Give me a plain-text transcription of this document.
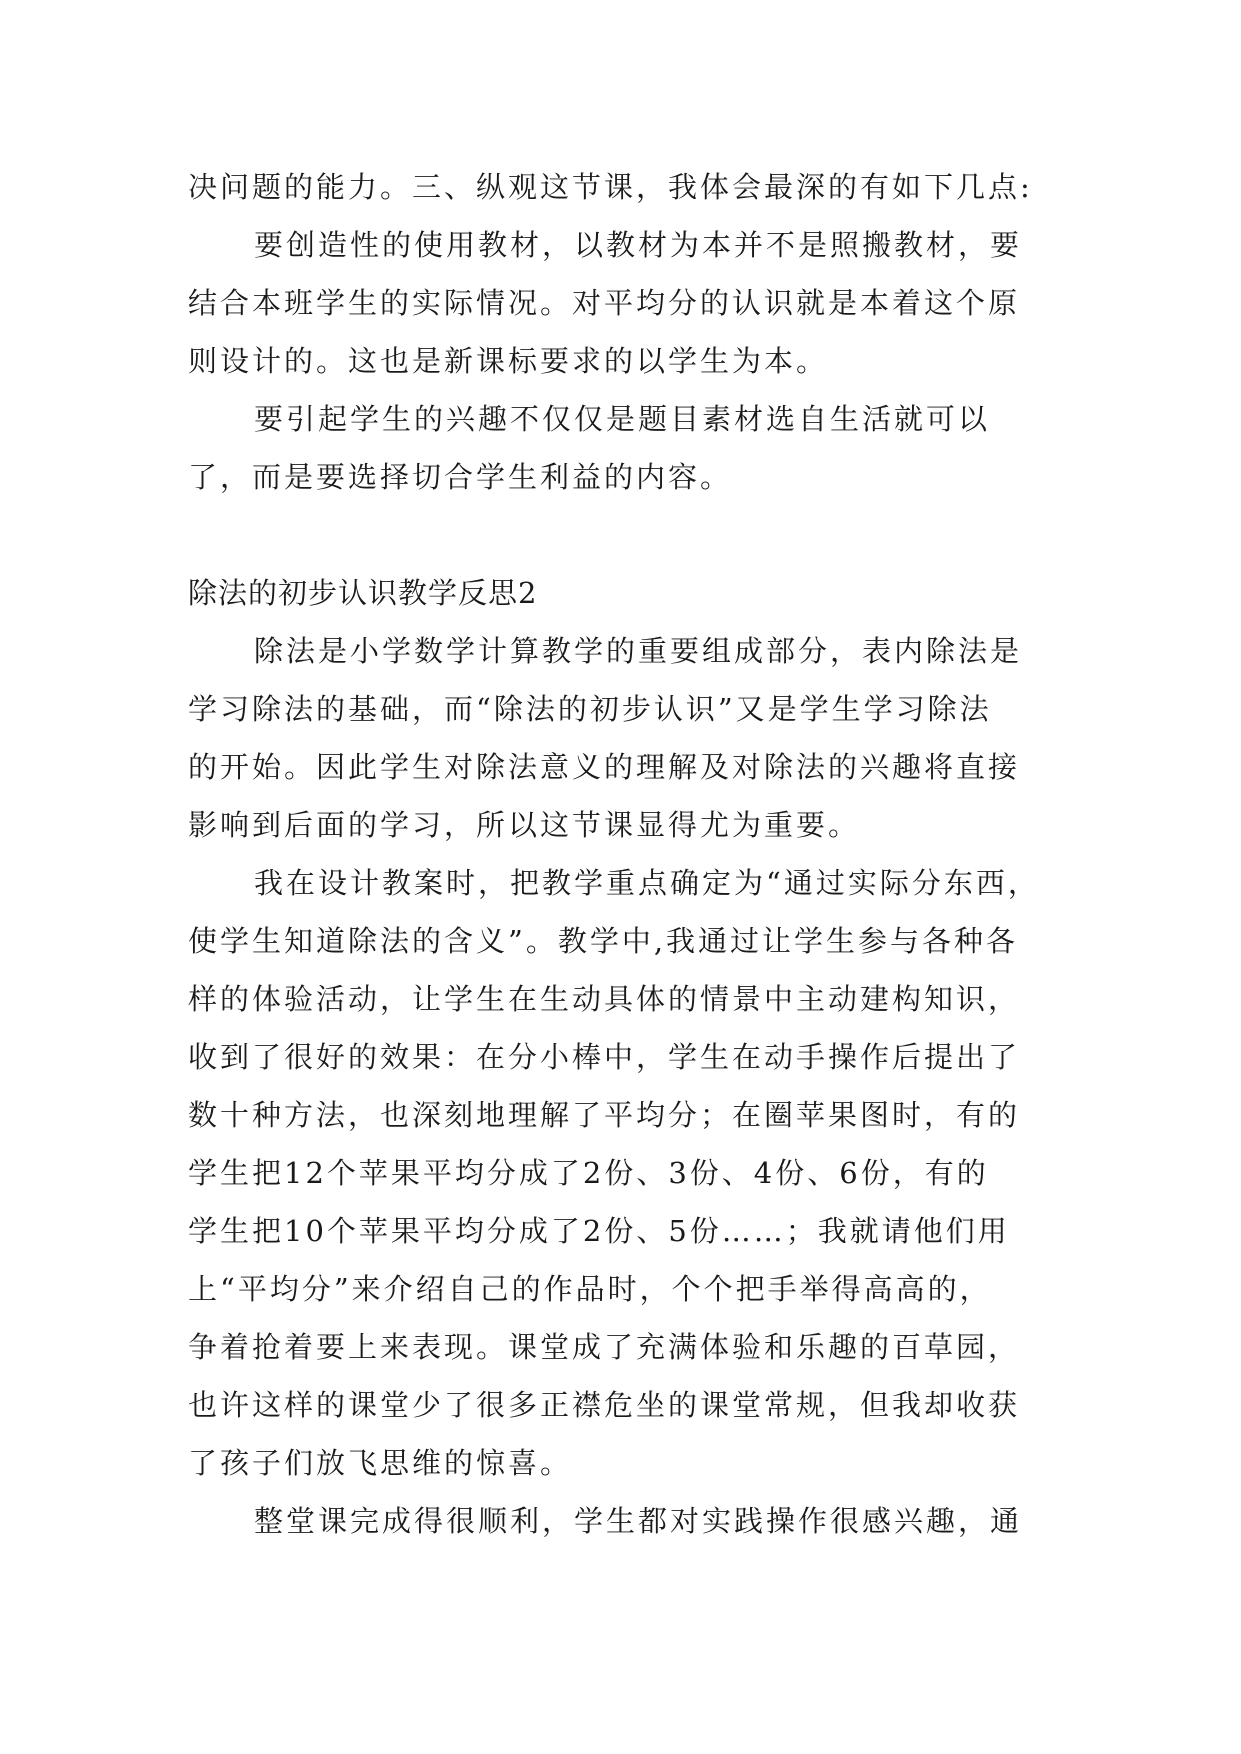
决问题的能力。三、纵观这节课，我体会最深的有如下几点:
要创造性的使用教材，以教材为本并不是照搬教材，要
结合本班学生的实际情况。对平均分的认识就是本着这个原
则设计的。这也是新课标要求的以学生为本。
要引起学生的兴趣不仅仅是题目素材选自生活就可以
了，而是要选择切合学生利益的内容。
除法的初步认识教学反思2
除法是小学数学计算教学的重要组成部分，表内除法是
学习除法的基础，而“除法的初步认识”又是学生学习除法
的开始。因此学生对除法意义的理解及对除法的兴趣将直接
影响到后面的学习，所以这节课显得尤为重要。
我在设计教案时，把教学重点确定为“通过实际分东西，
使学生知道除法的含义”。教学中,我通过让学生参与各种各
样的体验活动，让学生在生动具体的情景中主动建构知识，
收到了很好的效果：在分小棒中，学生在动手操作后提出了
数十种方法，也深刻地理解了平均分；在圈苹果图时，有的
学生把12个苹果平均分成了2份、3份、4份、6份，有的
学生把10个苹果平均分成了2份、5份……；我就请他们用
上“平均分”来介绍自己的作品时，个个把手举得高高的，
争着抢着要上来表现。课堂成了充满体验和乐趣的百草园，
也许这样的课堂少了很多正襟危坐的课堂常规，但我却收获
了孩子们放飞思维的惊喜。
整堂课完成得很顺利，学生都对实践操作很感兴趣，通
